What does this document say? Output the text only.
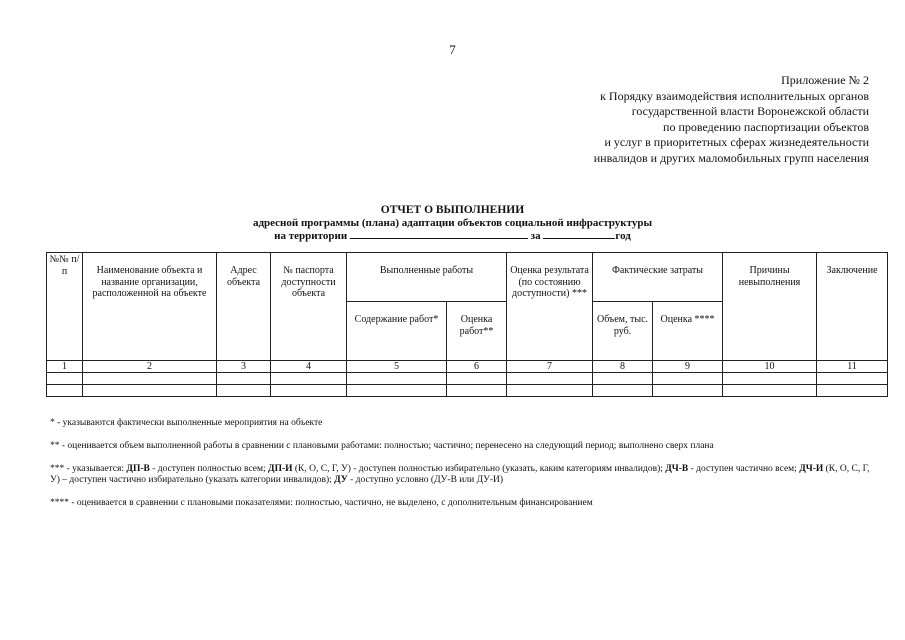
7
Приложение № 2
к Порядку взаимодействия исполнительных органов
государственной власти Воронежской области
по проведению паспортизации объектов
и услуг в приоритетных сферах жизнедеятельности
инвалидов и других маломобильных групп населения
ОТЧЕТ О ВЫПОЛНЕНИИ
адресной программы (плана) адаптации объектов социальной инфраструктуры
на территории	за	год
№№ п/п	Наименование объекта и название организации, расположенной на объекте	Адрес объекта	№ паспорта доступности объекта	Выполненные работы		Оценка результата (по состоянию доступности) ***	Фактические затраты		Причины невыполнения	Заключение
				Содержание работ*	Оценка работ**		Объем, тыс. руб.	Оценка ****		
1	2	3	4	5	6	7	8	9	10	11

* - указываются фактически выполненные мероприятия на объекте

** - оценивается объем выполненной работы в сравнении с плановыми работами: полностью; частично; перенесено на следующий период; выполнено сверх плана

*** - указывается: ДП-В - доступен полностью всем; ДП-И (К, О, С, Г, У) - доступен полностью избирательно (указать, каким категориям инвалидов); ДЧ-В - доступен частично всем; ДЧ-И (К, О, С, Г, У) – доступен частично избирательно (указать категории инвалидов); ДУ - доступно условно (ДУ-В или ДУ-И)

**** - оценивается в сравнении с плановыми показателями: полностью, частично, не выделено, с дополнительным финансированием
